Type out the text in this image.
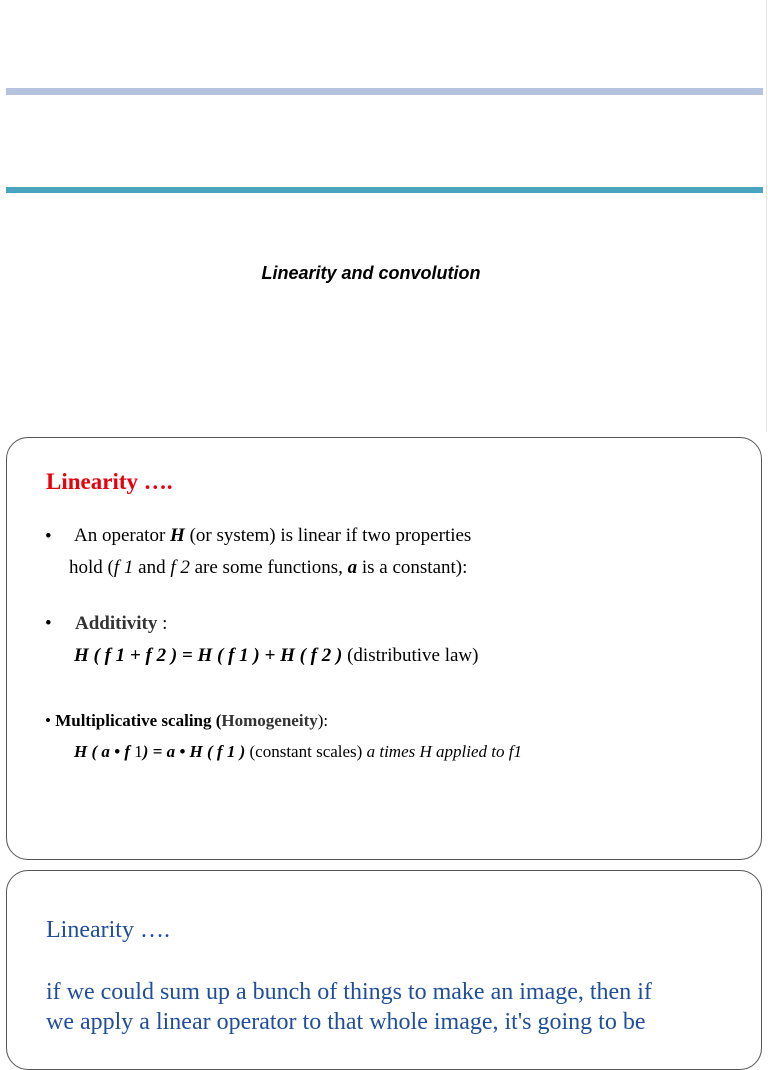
Linearity and convolution
Linearity ….
• An operator H (or system) is linear if two properties
hold (f 1 and f 2 are some functions, a is a constant):
• Additivity :
H ( f 1 + f 2 ) = H ( f 1 ) + H ( f 2 ) (distributive law)
• Multiplicative scaling (Homogeneity):
H ( a • f 1) = a • H ( f 1 ) (constant scales) a times H applied to f1
Linearity ….
if we could sum up a bunch of things to make an image, then if
we apply a linear operator to that whole image, it's going to be
